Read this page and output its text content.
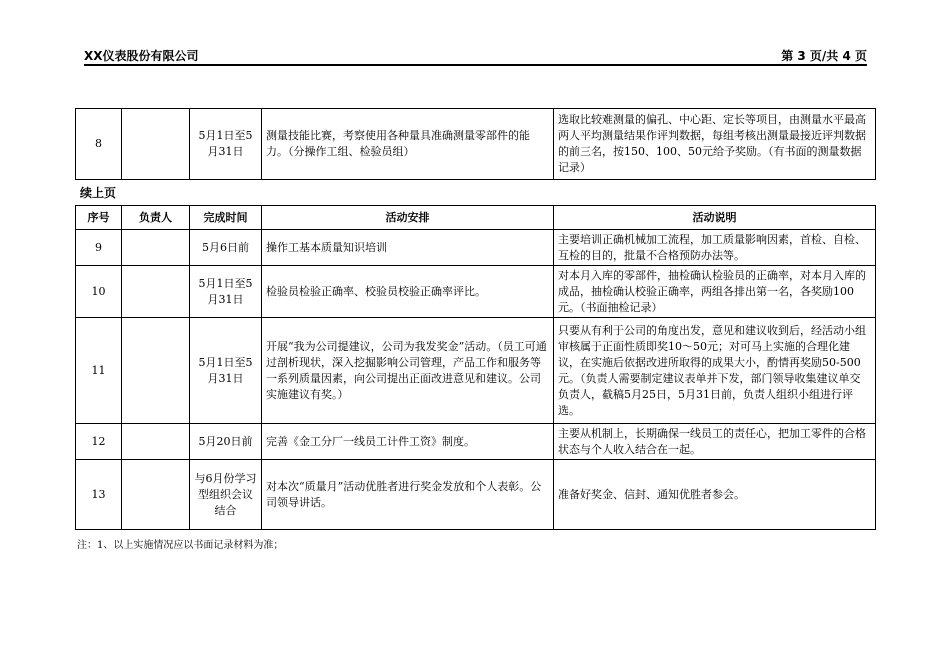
XX仪表股份有限公司	第 3 页/共 4 页
8		5月1日至5月31日	测量技能比赛，考察使用各种量具准确测量零部件的能力。（分操作工组、检验员组）	选取比较难测量的偏孔、中心距、定长等项目，由测量水平最高两人平均测量结果作评判数据，每组考核出测量最接近评判数据的前三名，按150、100、50元给予奖励。（有书面的测量数据记录）
续上页
序号	负责人	完成时间	活动安排	活动说明
9		5月6日前	操作工基本质量知识培训	主要培训正确机械加工流程，加工质量影响因素，首检、自检、互检的目的，批量不合格预防办法等。
10		5月1日至5月31日	检验员检验正确率、校验员校验正确率评比。	对本月入库的零部件，抽检确认检验员的正确率，对本月入库的成品，抽检确认校验正确率，两组各排出第一名，各奖励100元。（书面抽检记录）
11		5月1日至5月31日	开展“我为公司提建议，公司为我发奖金”活动。（员工可通过剖析现状，深入挖掘影响公司管理，产品工作和服务等一系列质量因素，向公司提出正面改进意见和建议。公司实施建议有奖。）	只要从有利于公司的角度出发，意见和建议收到后，经活动小组审核属于正面性质即奖10～50元；对可马上实施的合理化建议，在实施后依据改进所取得的成果大小，酌情再奖励50-500元。（负责人需要制定建议表单并下发，部门领导收集建议单交负责人，截稿5月25日，5月31日前，负责人组织小组进行评选。
12		5月20日前	完善《金工分厂一线员工计件工资》制度。	主要从机制上，长期确保一线员工的责任心，把加工零件的合格状态与个人收入结合在一起。
13		与6月份学习型组织会议结合	对本次“质量月”活动优胜者进行奖金发放和个人表彰。公司领导讲话。	准备好奖金、信封、通知优胜者参会。
注：1、以上实施情况应以书面记录材料为准；
